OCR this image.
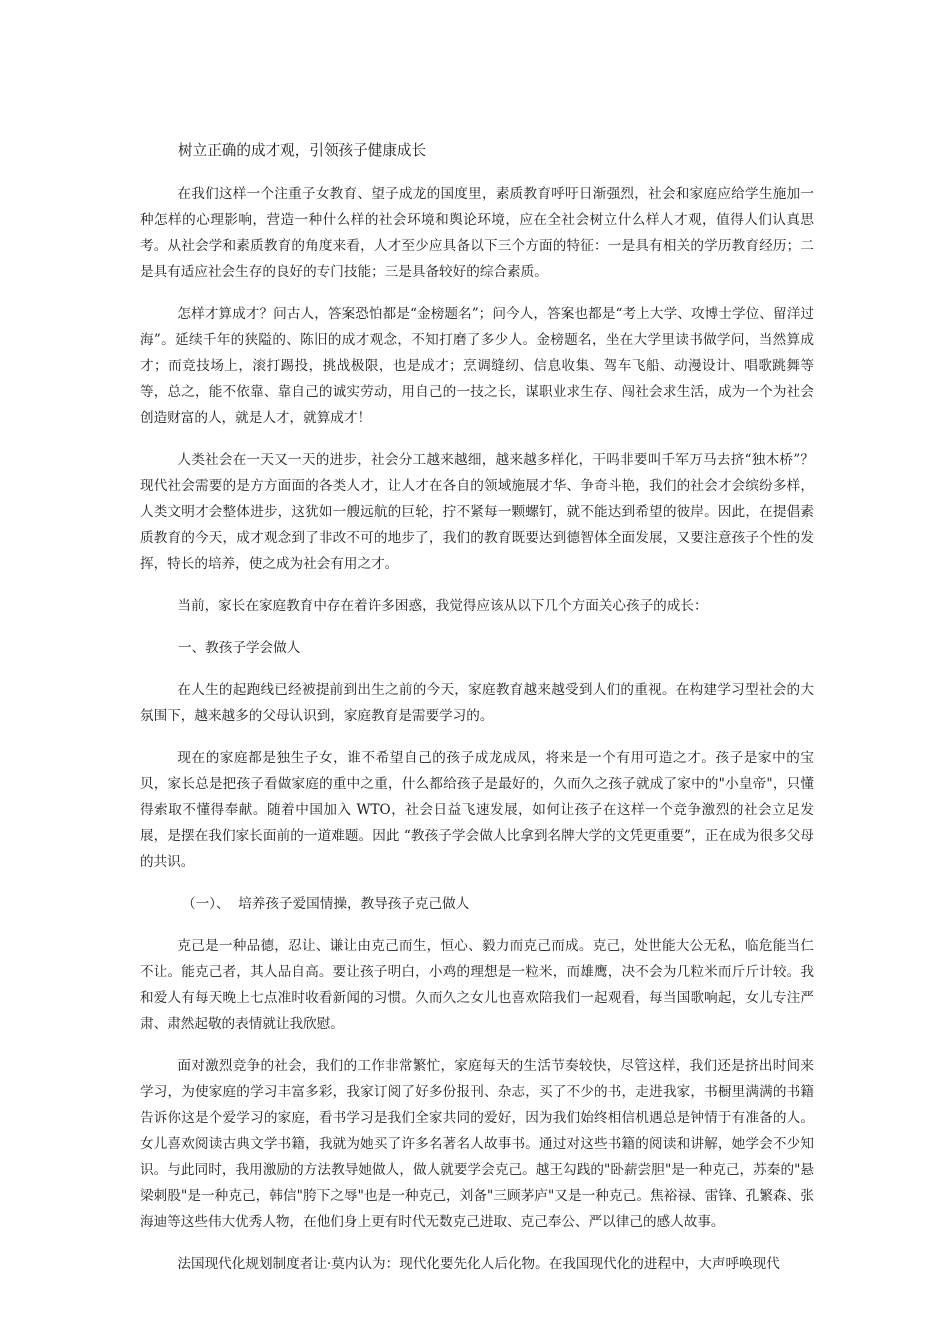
树立正确的成才观，引领孩子健康成长

在我们这样一个注重子女教育、望子成龙的国度里，素质教育呼吁日渐强烈，社会和家庭应给学生施加一种怎样的心理影响，营造一种什么样的社会环境和舆论环境，应在全社会树立什么样人才观，值得人们认真思考。从社会学和素质教育的角度来看，人才至少应具备以下三个方面的特征：一是具有相关的学历教育经历；二是具有适应社会生存的良好的专门技能；三是具备较好的综合素质。

怎样才算成才？问古人，答案恐怕都是“金榜题名”；问今人，答案也都是“考上大学、攻博士学位、留洋过海”。延续千年的狭隘的、陈旧的成才观念，不知打磨了多少人。金榜题名，坐在大学里读书做学问，当然算成才；而竞技场上，滚打踢投，挑战极限，也是成才；烹调缝纫、信息收集、驾车飞船、动漫设计、唱歌跳舞等等，总之，能不依靠、靠自己的诚实劳动，用自己的一技之长，谋职业求生存、闯社会求生活，成为一个为社会创造财富的人，就是人才，就算成才！

人类社会在一天又一天的进步，社会分工越来越细，越来越多样化，干吗非要叫千军万马去挤“独木桥”？现代社会需要的是方方面面的各类人才，让人才在各自的领域施展才华、争奇斗艳，我们的社会才会缤纷多样，人类文明才会整体进步，这犹如一艘远航的巨轮，拧不紧每一颗螺钉，就不能达到希望的彼岸。因此，在提倡素质教育的今天，成才观念到了非改不可的地步了，我们的教育既要达到德智体全面发展，又要注意孩子个性的发挥，特长的培养，使之成为社会有用之才。

当前，家长在家庭教育中存在着许多困惑，我觉得应该从以下几个方面关心孩子的成长：

一、教孩子学会做人

在人生的起跑线已经被提前到出生之前的今天，家庭教育越来越受到人们的重视。在构建学习型社会的大氛围下，越来越多的父母认识到，家庭教育是需要学习的。

现在的家庭都是独生子女，谁不希望自己的孩子成龙成凤，将来是一个有用可造之才。孩子是家中的宝贝，家长总是把孩子看做家庭的重中之重，什么都给孩子是最好的，久而久之孩子就成了家中的"小皇帝"，只懂得索取不懂得奉献。随着中国加入 WTO，社会日益飞速发展，如何让孩子在这样一个竞争激烈的社会立足发展，是摆在我们家长面前的一道难题。因此 “教孩子学会做人比拿到名牌大学的文凭更重要”，正在成为很多父母的共识。

（一）、  培养孩子爱国情操，教导孩子克己做人

克己是一种品德，忍让、谦让由克己而生，恒心、毅力而克己而成。克己，处世能大公无私，临危能当仁不让。能克己者，其人品自高。要让孩子明白，小鸡的理想是一粒米，而雄鹰，决不会为几粒米而斤斤计较。我和爱人有每天晚上七点准时收看新闻的习惯。久而久之女儿也喜欢陪我们一起观看，每当国歌响起，女儿专注严肃、肃然起敬的表情就让我欣慰。

面对激烈竞争的社会，我们的工作非常繁忙，家庭每天的生活节奏较快，尽管这样，我们还是挤出时间来学习，为使家庭的学习丰富多彩，我家订阅了好多份报刊、杂志，买了不少的书，走进我家，书橱里满满的书籍告诉你这是个爱学习的家庭，看书学习是我们全家共同的爱好，因为我们始终相信机遇总是钟情于有准备的人。女儿喜欢阅读古典文学书籍，我就为她买了许多名著名人故事书。通过对这些书籍的阅读和讲解，她学会不少知识。与此同时，我用激励的方法教导她做人，做人就要学会克己。越王勾践的"卧薪尝胆"是一种克己，苏秦的"悬梁刺股"是一种克己，韩信"胯下之辱"也是一种克己，刘备"三顾茅庐"又是一种克己。焦裕禄、雷锋、孔繁森、张海迪等这些伟大优秀人物，在他们身上更有时代无数克己进取、克己奉公、严以律己的感人故事。

法国现代化规划制度者让·莫内认为：现代化要先化人后化物。在我国现代化的进程中，大声呼唤现代
